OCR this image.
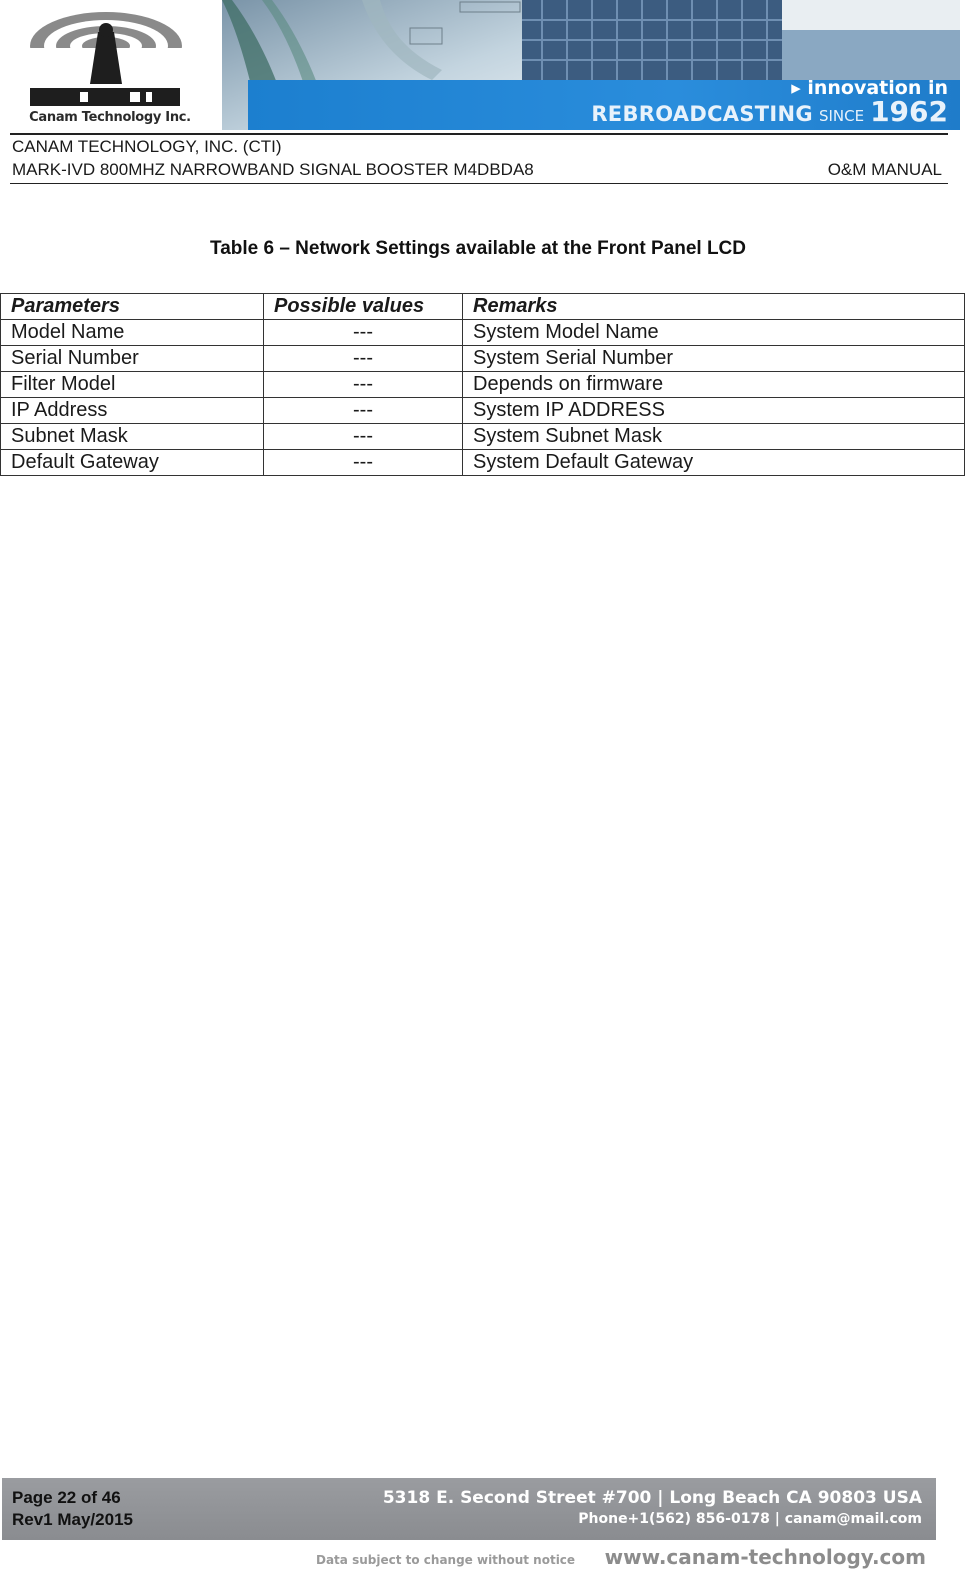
Canam Technology Inc.
▸ innovation in
REBROADCASTING SINCE 1962
CANAM TECHNOLOGY, INC. (CTI)
MARK-IVD 800MHZ NARROWBAND SIGNAL BOOSTER M4DBDA8	O&M MANUAL
Table 6 – Network Settings available at the Front Panel LCD
Parameters	Possible values	Remarks
Model Name	---	System Model Name
Serial Number	---	System Serial Number
Filter Model	---	Depends on firmware
IP Address	---	System IP ADDRESS
Subnet Mask	---	System Subnet Mask
Default Gateway	---	System Default Gateway
Page 22 of 46
Rev1 May/2015
5318 E. Second Street #700 | Long Beach CA 90803 USA
Phone+1(562) 856-0178 | canam@mail.com
Data subject to change without notice www.canam-technology.com
